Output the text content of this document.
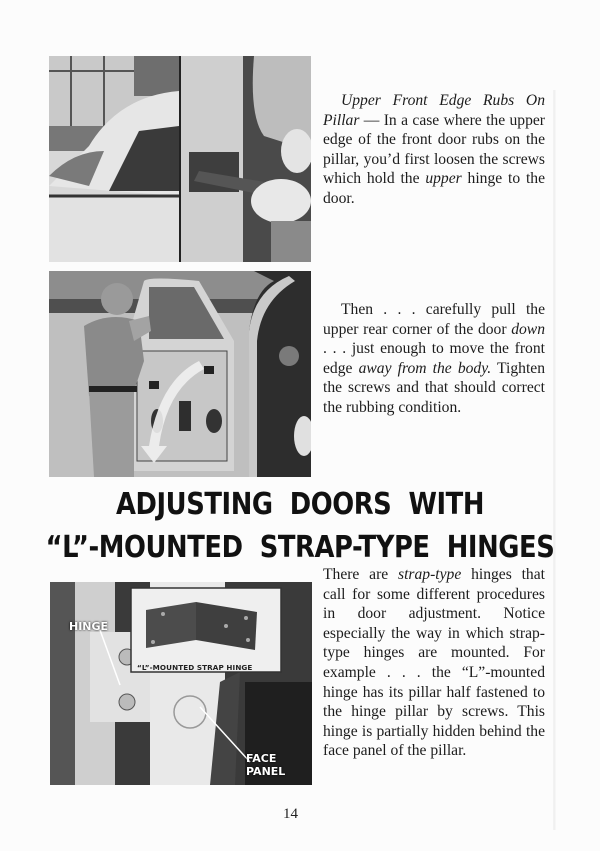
Upper Front Edge Rubs On Pillar — In a case where the upper edge of the front door rubs on the pillar, you’d first loosen the screws which hold the upper hinge to the door.
Then . . . carefully pull the upper rear corner of the door down . . . just enough to move the front edge away from the body. Tighten the screws and that should correct the rubbing condition.
ADJUSTING DOORS WITH
“L”-MOUNTED STRAP-TYPE HINGES
HINGE
“L”-MOUNTED STRAP HINGE
FACE
PANEL
There are strap-type hinges that call for some different procedures in door adjustment. Notice especially the way in which strap-type hinges are mounted. For example . . . the “L”-mounted hinge has its pillar half fastened to the hinge pillar by screws. This hinge is partially hidden behind the face panel of the pillar.
14
